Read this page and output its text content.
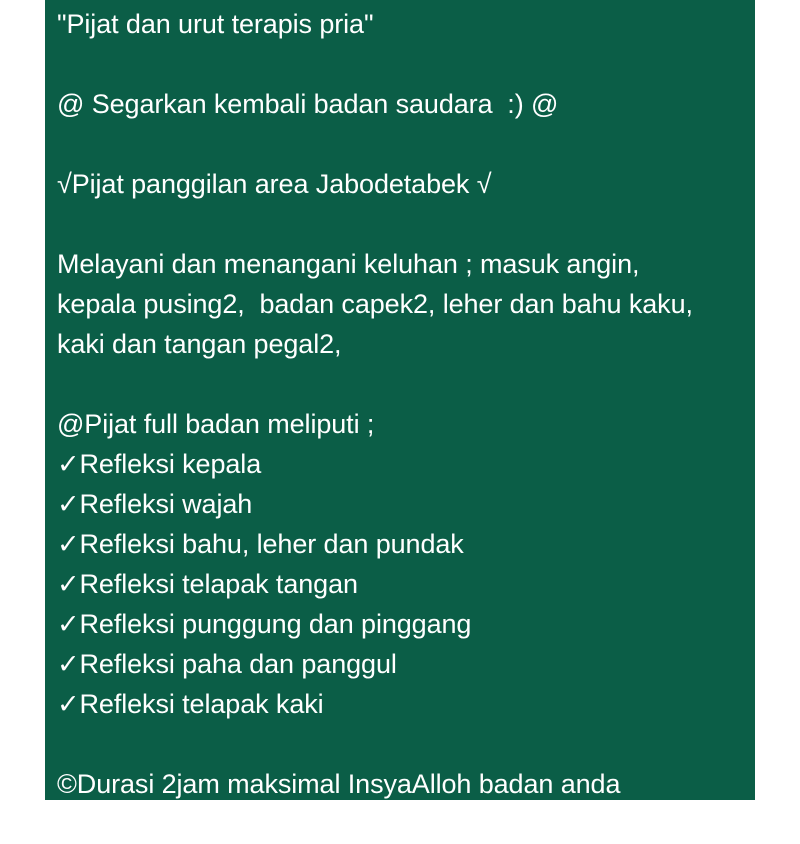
"Pijat dan urut terapis pria"
@ Segarkan kembali badan saudara  :) @
√Pijat panggilan area Jabodetabek √
Melayani dan menangani keluhan ; masuk angin,
kepala pusing2,  badan capek2, leher dan bahu kaku,
kaki dan tangan pegal2,
@Pijat full badan meliputi ;
✓Refleksi kepala
✓Refleksi wajah
✓Refleksi bahu, leher dan pundak
✓Refleksi telapak tangan
✓Refleksi punggung dan pinggang
✓Refleksi paha dan panggul
✓Refleksi telapak kaki
©Durasi 2jam maksimal InsyaAlloh badan anda
kembali sehat dan bugar
